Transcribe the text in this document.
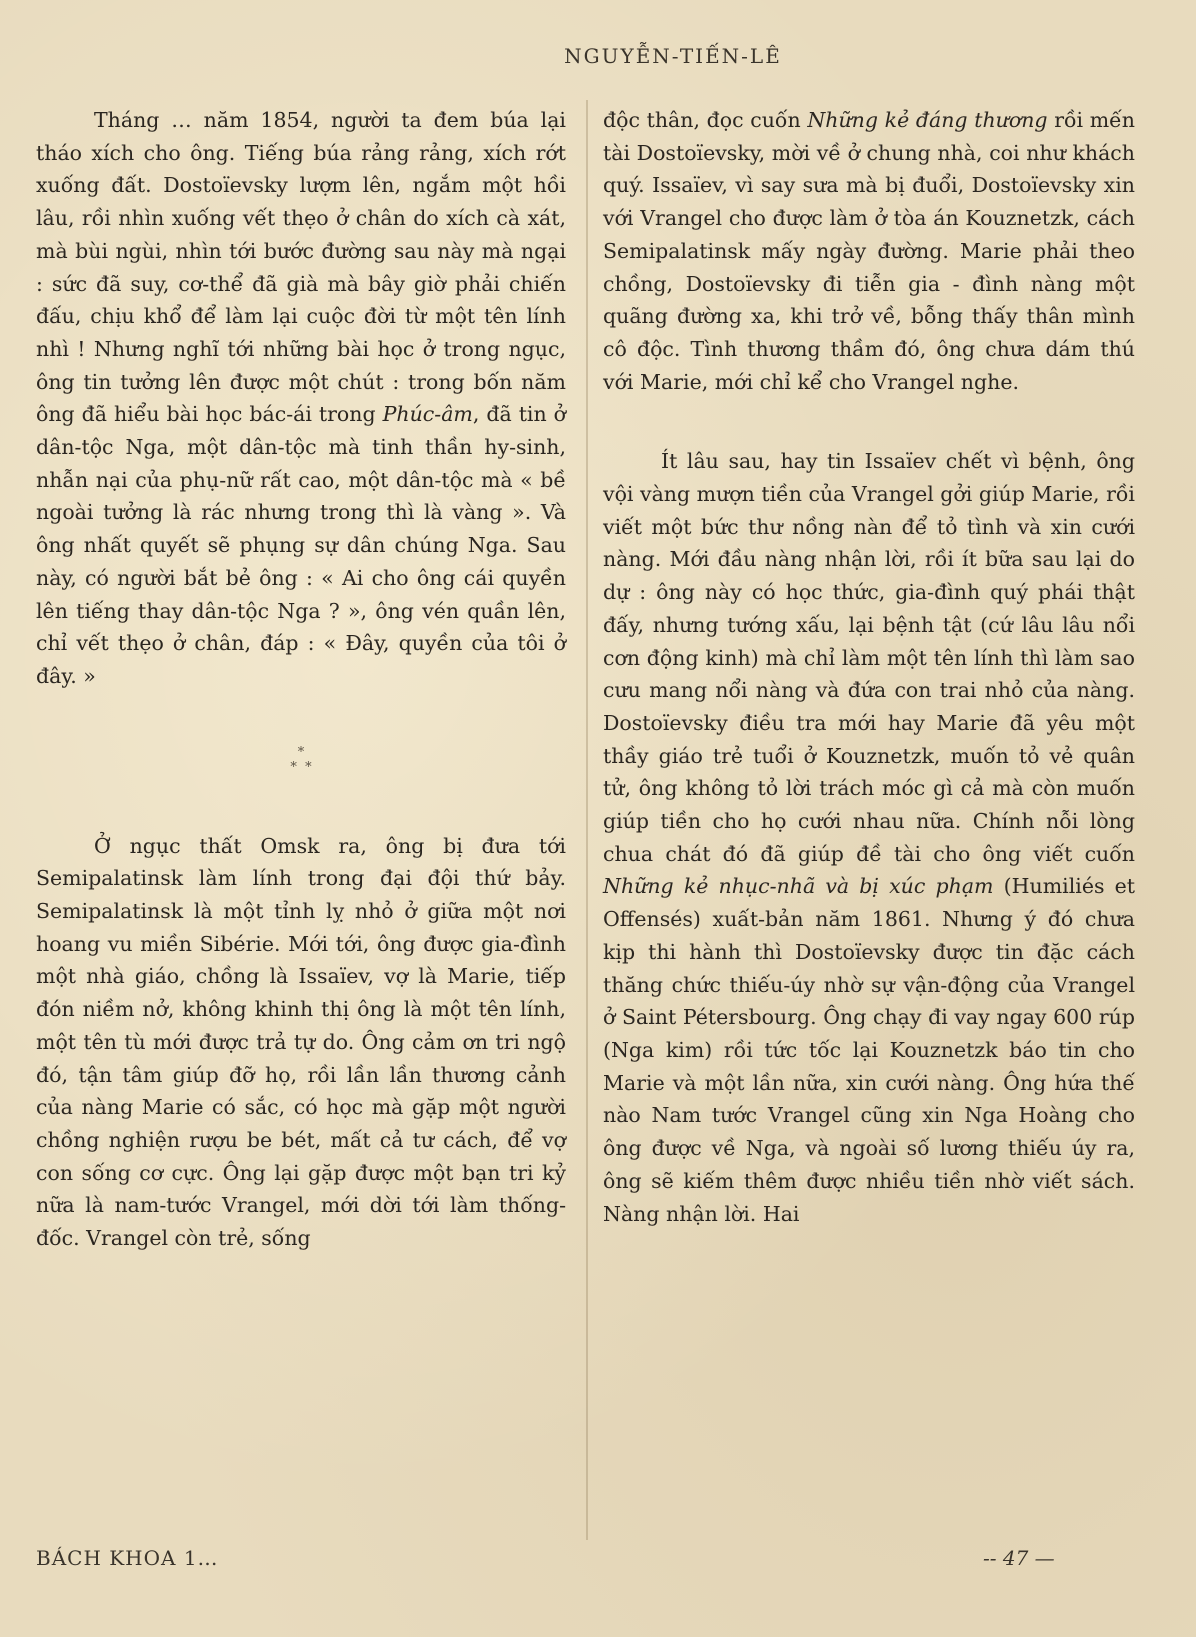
NGUYỄN-TIẾN-LÊ

Tháng … năm 1854, người ta đem búa lại tháo xích cho ông. Tiếng búa rảng rảng, xích rớt xuống đất. Dostoïevsky lượm lên, ngắm một hồi lâu, rồi nhìn xuống vết thẹo ở chân do xích cà xát, mà bùi ngùi, nhìn tới bước đường sau này mà ngại : sức đã suy, cơ-thể đã già mà bây giờ phải chiến đấu, chịu khổ để làm lại cuộc đời từ một tên lính nhì ! Nhưng nghĩ tới những bài học ở trong ngục, ông tin tưởng lên được một chút : trong bốn năm ông đã hiểu bài học bác-ái trong Phúc-âm, đã tin ở dân-tộc Nga, một dân-tộc mà tinh thần hy-sinh, nhẫn nại của phụ-nữ rất cao, một dân-tộc mà « bề ngoài tưởng là rác nhưng trong thì là vàng ». Và ông nhất quyết sẽ phụng sự dân chúng Nga. Sau này, có người bắt bẻ ông : « Ai cho ông cái quyền lên tiếng thay dân-tộc Nga ? », ông vén quần lên, chỉ vết thẹo ở chân, đáp : « Đây, quyền của tôi ở đây. »

*
*  *

Ở ngục thất Omsk ra, ông bị đưa tới Semipalatinsk làm lính trong đại đội thứ bảy. Semipalatinsk là một tỉnh lỵ nhỏ ở giữa một nơi hoang vu miền Sibérie. Mới tới, ông được gia-đình một nhà giáo, chồng là Issaïev, vợ là Marie, tiếp đón niềm nở, không khinh thị ông là một tên lính, một tên tù mới được trả tự do. Ông cảm ơn tri ngộ đó, tận tâm giúp đỡ họ, rồi lần lần thương cảnh của nàng Marie có sắc, có học mà gặp một người chồng nghiện rượu be bét, mất cả tư cách, để vợ con sống cơ cực. Ông lại gặp được một bạn tri kỷ nữa là nam-tước Vrangel, mới dời tới làm thống-đốc. Vrangel còn trẻ, sống

độc thân, đọc cuốn Những kẻ đáng thương rồi mến tài Dostoïevsky, mời về ở chung nhà, coi như khách quý. Issaïev, vì say sưa mà bị đuổi, Dostoïevsky xin với Vrangel cho được làm ở tòa án Kouznetzk, cách Semipalatinsk mấy ngày đường. Marie phải theo chồng, Dostoïevsky đi tiễn gia - đình nàng một quãng đường xa, khi trở về, bỗng thấy thân mình cô độc. Tình thương thầm đó, ông chưa dám thú với Marie, mới chỉ kể cho Vrangel nghe.

Ít lâu sau, hay tin Issaïev chết vì bệnh, ông vội vàng mượn tiền của Vrangel gởi giúp Marie, rồi viết một bức thư nồng nàn để tỏ tình và xin cưới nàng. Mới đầu nàng nhận lời, rồi ít bữa sau lại do dự : ông này có học thức, gia-đình quý phái thật đấy, nhưng tướng xấu, lại bệnh tật (cứ lâu lâu nổi cơn động kinh) mà chỉ làm một tên lính thì làm sao cưu mang nổi nàng và đứa con trai nhỏ của nàng. Dostoïevsky điều tra mới hay Marie đã yêu một thầy giáo trẻ tuổi ở Kouznetzk, muốn tỏ vẻ quân tử, ông không tỏ lời trách móc gì cả mà còn muốn giúp tiền cho họ cưới nhau nữa. Chính nỗi lòng chua chát đó đã giúp đề tài cho ông viết cuốn Những kẻ nhục-nhã và bị xúc phạm (Humiliés et Offensés) xuất-bản năm 1861. Nhưng ý đó chưa kịp thi hành thì Dostoïevsky được tin đặc cách thăng chức thiếu-úy nhờ sự vận-động của Vrangel ở Saint Pétersbourg. Ông chạy đi vay ngay 600 rúp (Nga kim) rồi tức tốc lại Kouznetzk báo tin cho Marie và một lần nữa, xin cưới nàng. Ông hứa thế nào Nam tước Vrangel cũng xin Nga Hoàng cho ông được về Nga, và ngoài số lương thiếu úy ra, ông sẽ kiếm thêm được nhiều tiền nhờ viết sách. Nàng nhận lời. Hai

BÁCH KHOA 1…	-- 47 —
